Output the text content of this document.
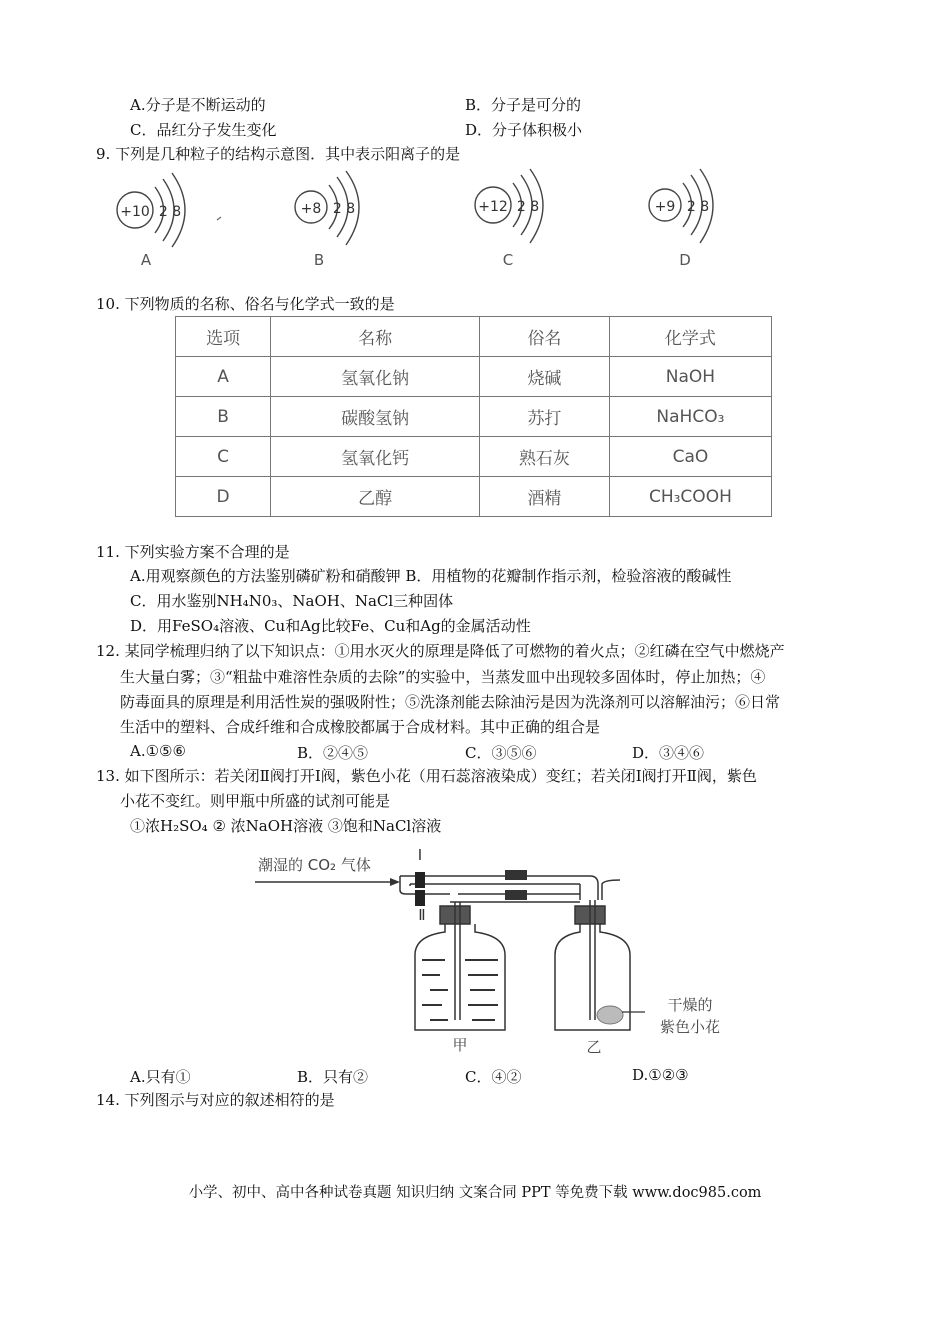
A.分子是不断运动的	B．分子是可分的
C．品红分子发生变化	D．分子体积极小
9. 下列是几种粒子的结构示意图．其中表示阳离子的是
+10 2 8
A
+8 2 8
B
+12 2 8
C
+9 2 8
D
10. 下列物质的名称、俗名与化学式一致的是
选项	名称	俗名	化学式
A	氢氧化钠	烧碱	NaOH
B	碳酸氢钠	苏打	NaHCO₃
C	氢氧化钙	熟石灰	CaO
D	乙醇	酒精	CH₃COOH
11. 下列实验方案不合理的是
A.用观察颜色的方法鉴别磷矿粉和硝酸钾 B．用植物的花瓣制作指示剂，检验溶液的酸碱性
C．用水鉴别NH₄N0₃、NaOH、NaCl三种固体
D．用FeSO₄溶液、Cu和Ag比较Fe、Cu和Ag的金属活动性
12. 某同学梳理归纳了以下知识点：①用水灭火的原理是降低了可燃物的着火点；②红磷在空气中燃烧产
生大量白雾；③“粗盐中难溶性杂质的去除”的实验中，当蒸发皿中出现较多固体时，停止加热；④
防毒面具的原理是利用活性炭的强吸附性；⑤洗涤剂能去除油污是因为洗涤剂可以溶解油污；⑥日常
生活中的塑料、合成纤维和合成橡胶都属于合成材料。其中正确的组合是
A.①⑤⑥	B．②④⑤	C．③⑤⑥	D．③④⑥
13. 如下图所示：若关闭Ⅱ阀打开I阀，紫色小花（用石蕊溶液染成）变红；若关闭I阀打开Ⅱ阀，紫色
小花不变红。则甲瓶中所盛的试剂可能是
①浓H₂SO₄ ② 浓NaOH溶液 ③饱和NaCl溶液
潮湿的 CO₂ 气体
I
Ⅱ
甲	乙
干燥的
紫色小花
A.只有①	B．只有②	C．④②	D.①②③
14. 下列图示与对应的叙述相符的是
小学、初中、高中各种试卷真题 知识归纳 文案合同 PPT 等免费下载 www.doc985.com
